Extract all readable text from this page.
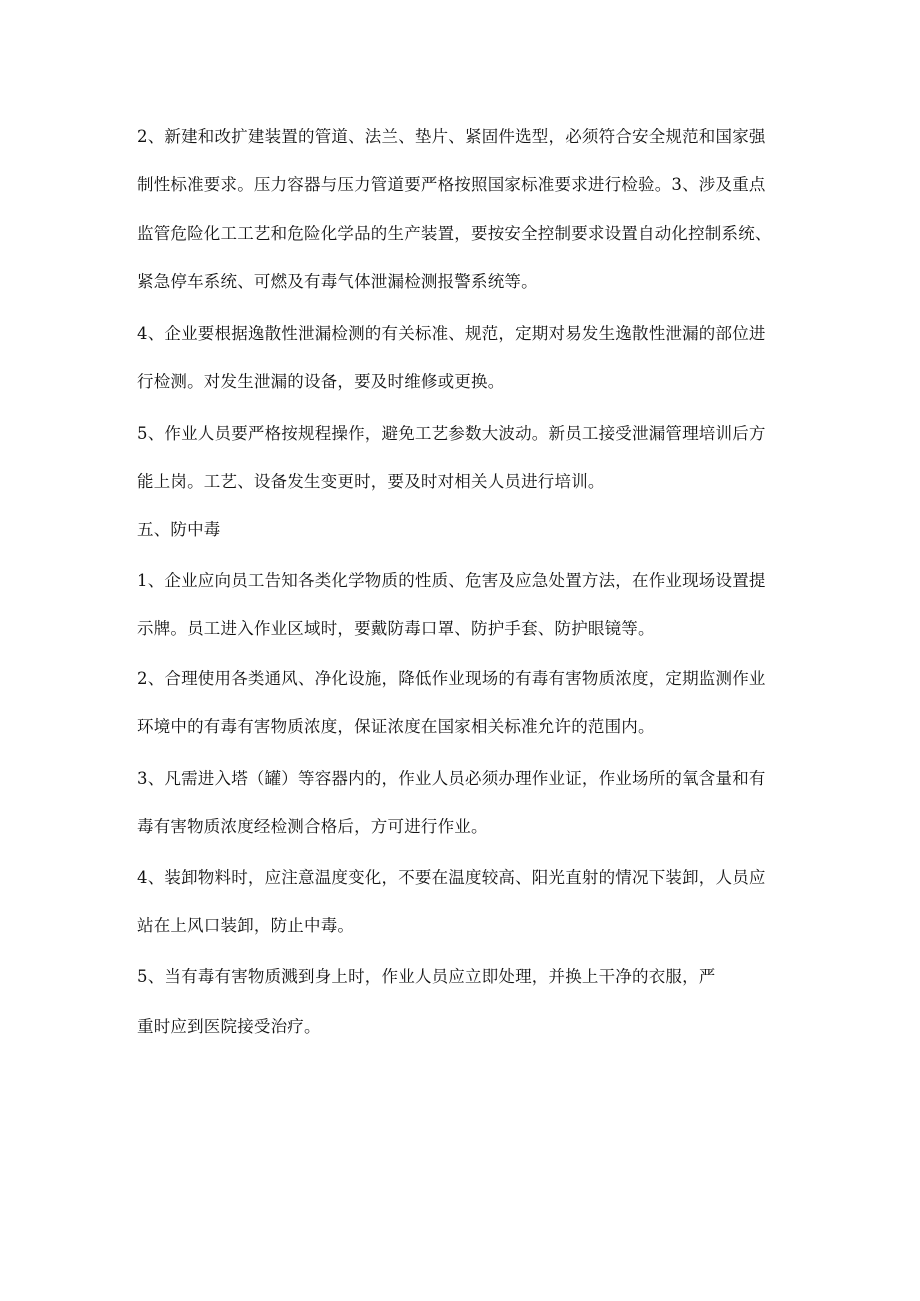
2、新建和改扩建装置的管道、法兰、垫片、紧固件选型，必须符合安全规范和国家强
制性标准要求。压力容器与压力管道要严格按照国家标准要求进行检验。3、涉及重点
监管危险化工工艺和危险化学品的生产装置，要按安全控制要求设置自动化控制系统、
紧急停车系统、可燃及有毒气体泄漏检测报警系统等。
4、企业要根据逸散性泄漏检测的有关标准、规范，定期对易发生逸散性泄漏的部位进
行检测。对发生泄漏的设备，要及时维修或更换。
5、作业人员要严格按规程操作，避免工艺参数大波动。新员工接受泄漏管理培训后方
能上岗。工艺、设备发生变更时，要及时对相关人员进行培训。
五、防中毒
1、企业应向员工告知各类化学物质的性质、危害及应急处置方法，在作业现场设置提
示牌。员工进入作业区域时，要戴防毒口罩、防护手套、防护眼镜等。
2、合理使用各类通风、净化设施，降低作业现场的有毒有害物质浓度，定期监测作业
环境中的有毒有害物质浓度，保证浓度在国家相关标准允许的范围内。
3、凡需进入塔（罐）等容器内的，作业人员必须办理作业证，作业场所的氧含量和有
毒有害物质浓度经检测合格后，方可进行作业。
4、装卸物料时，应注意温度变化，不要在温度较高、阳光直射的情况下装卸，人员应
站在上风口装卸，防止中毒。
5、当有毒有害物质溅到身上时，作业人员应立即处理，并换上干净的衣服，严
重时应到医院接受治疗。
